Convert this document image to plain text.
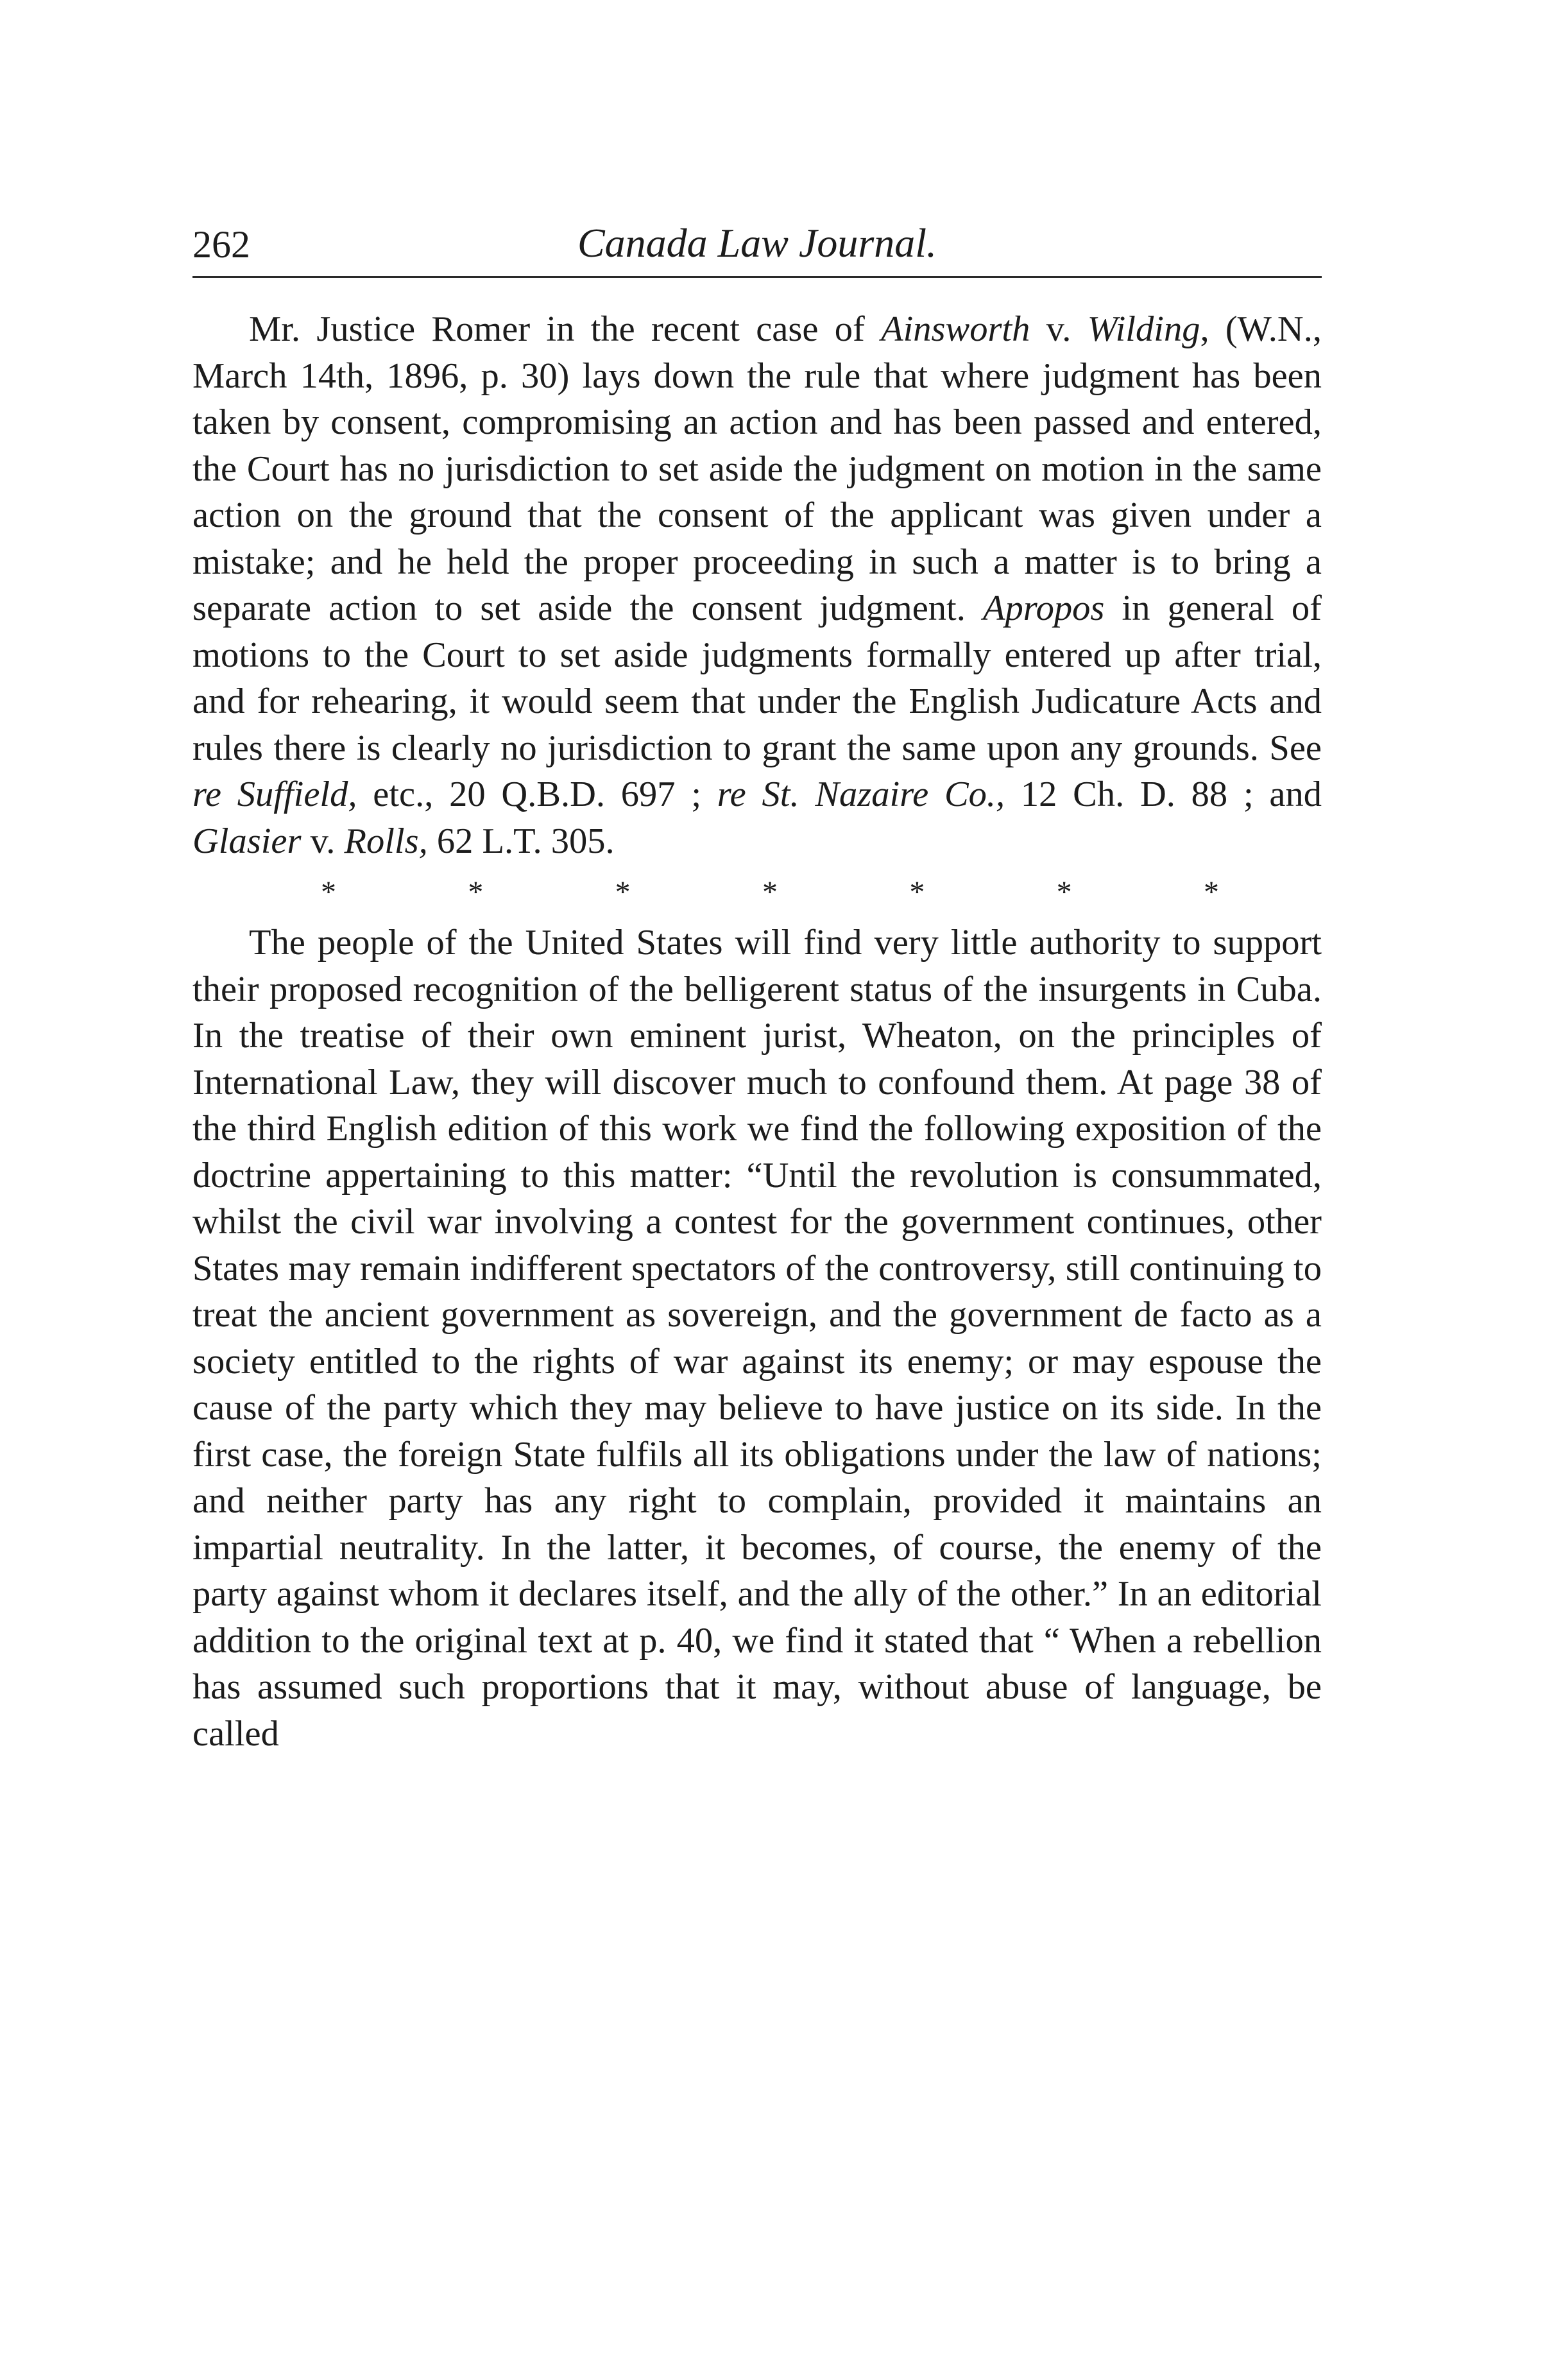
262	Canada Law Journal.

Mr. Justice Romer in the recent case of Ainsworth v. Wilding, (W.N., March 14th, 1896, p. 30) lays down the rule that where judgment has been taken by consent, compromising an action and has been passed and entered, the Court has no jurisdiction to set aside the judgment on motion in the same action on the ground that the consent of the applicant was given under a mistake; and he held the proper proceeding in such a matter is to bring a separate action to set aside the consent judgment. Apropos in general of motions to the Court to set aside judgments formally entered up after trial, and for rehearing, it would seem that under the English Judicature Acts and rules there is clearly no jurisdiction to grant the same upon any grounds. See re Suffield, etc., 20 Q.B.D. 697 ; re St. Nazaire Co., 12 Ch. D. 88 ; and Glasier v. Rolls, 62 L.T. 305.

*	*	*	*	*	*	*

The people of the United States will find very little authority to support their proposed recognition of the belligerent status of the insurgents in Cuba. In the treatise of their own eminent jurist, Wheaton, on the principles of International Law, they will discover much to confound them. At page 38 of the third English edition of this work we find the following exposition of the doctrine appertaining to this matter: “Until the revolution is consummated, whilst the civil war involving a contest for the government continues, other States may remain indifferent spectators of the controversy, still continuing to treat the ancient government as sovereign, and the government de facto as a society entitled to the rights of war against its enemy; or may espouse the cause of the party which they may believe to have justice on its side. In the first case, the foreign State fulfils all its obligations under the law of nations; and neither party has any right to complain, provided it maintains an impartial neutrality. In the latter, it becomes, of course, the enemy of the party against whom it declares itself, and the ally of the other.” In an editorial addition to the original text at p. 40, we find it stated that “ When a rebellion has assumed such proportions that it may, without abuse of language, be called
